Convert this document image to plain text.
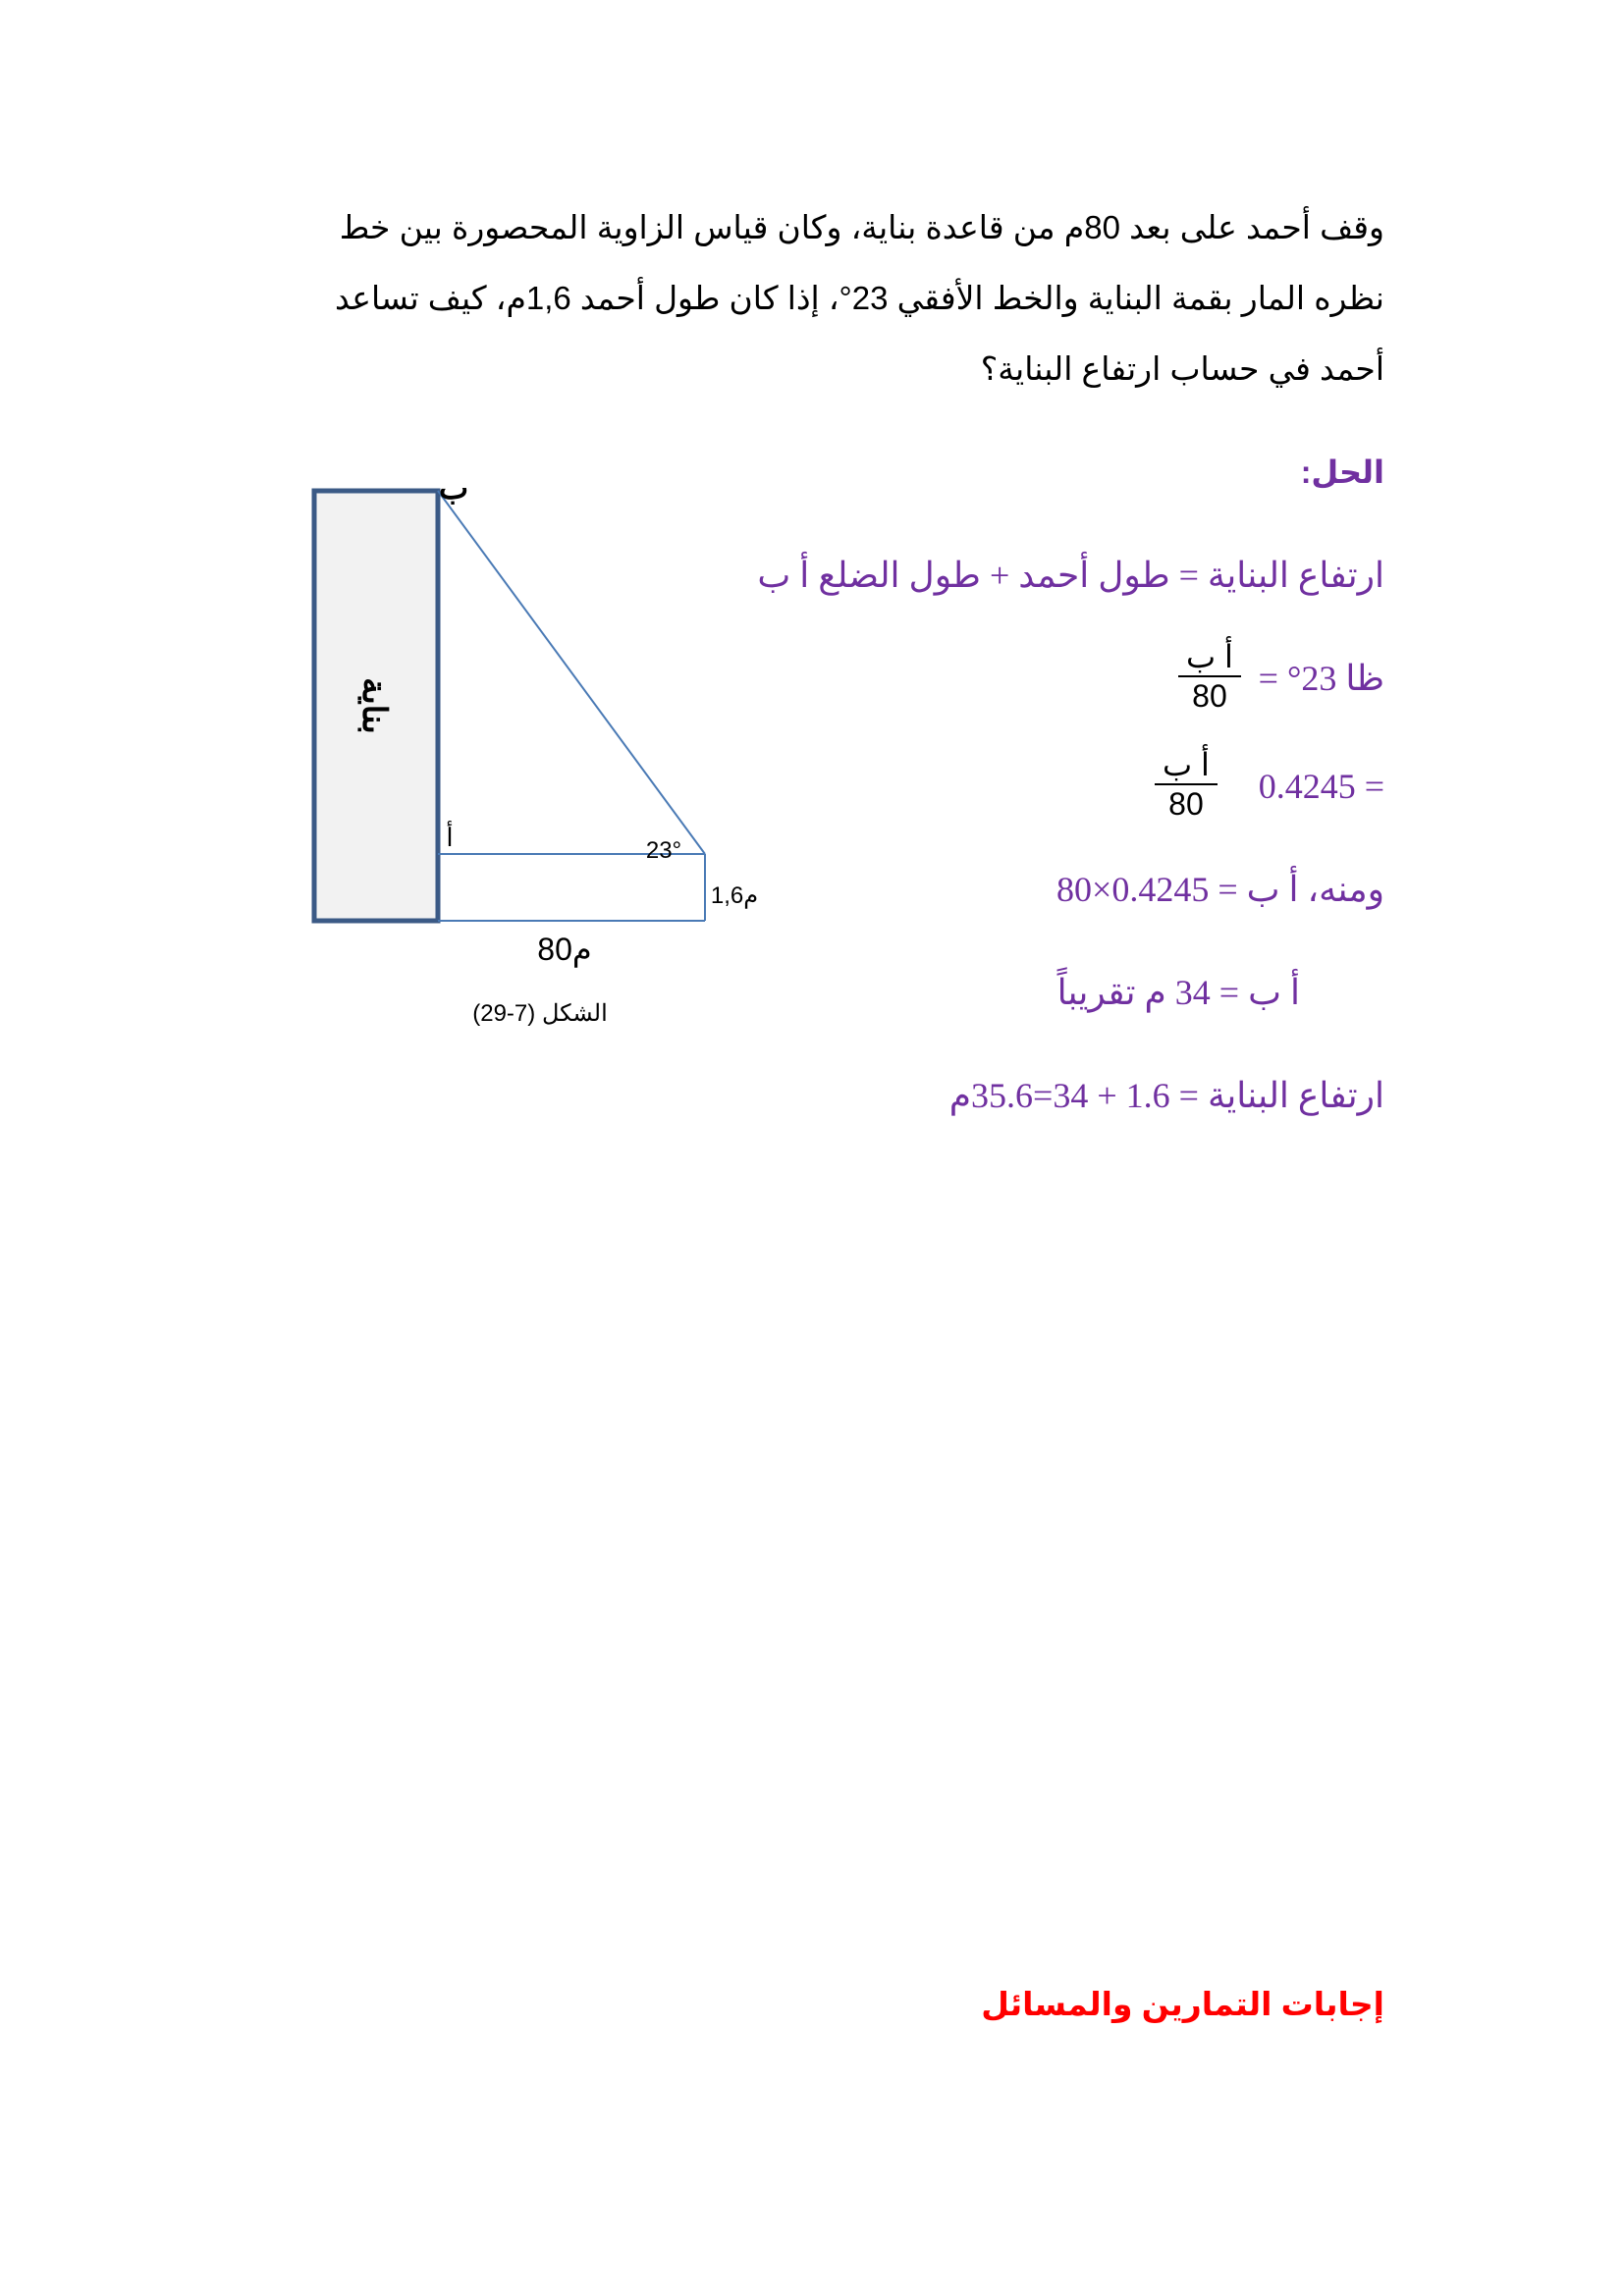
وقف أحمد على بعد 80م من قاعدة بناية، وكان قياس الزاوية المحصورة بين خط
نظره المار بقمة البناية والخط الأفقي 23°، إذا كان طول أحمد 1,6م، كيف تساعد
أحمد في حساب ارتفاع البناية؟

الحل:
ارتفاع البناية = طول أحمد + طول الضلع أ ب
ظا 23° =
أ ب
80
= 0.4245
أ ب
80
ومنه، أ ب = 0.4245×80
أ ب = 34 م تقريباً
ارتفاع البناية = 1.6 + 34=35.6م
ب
أ	23°
1,6م
80م
الشكل (7-29)
بناية
إجابات التمارين والمسائل
